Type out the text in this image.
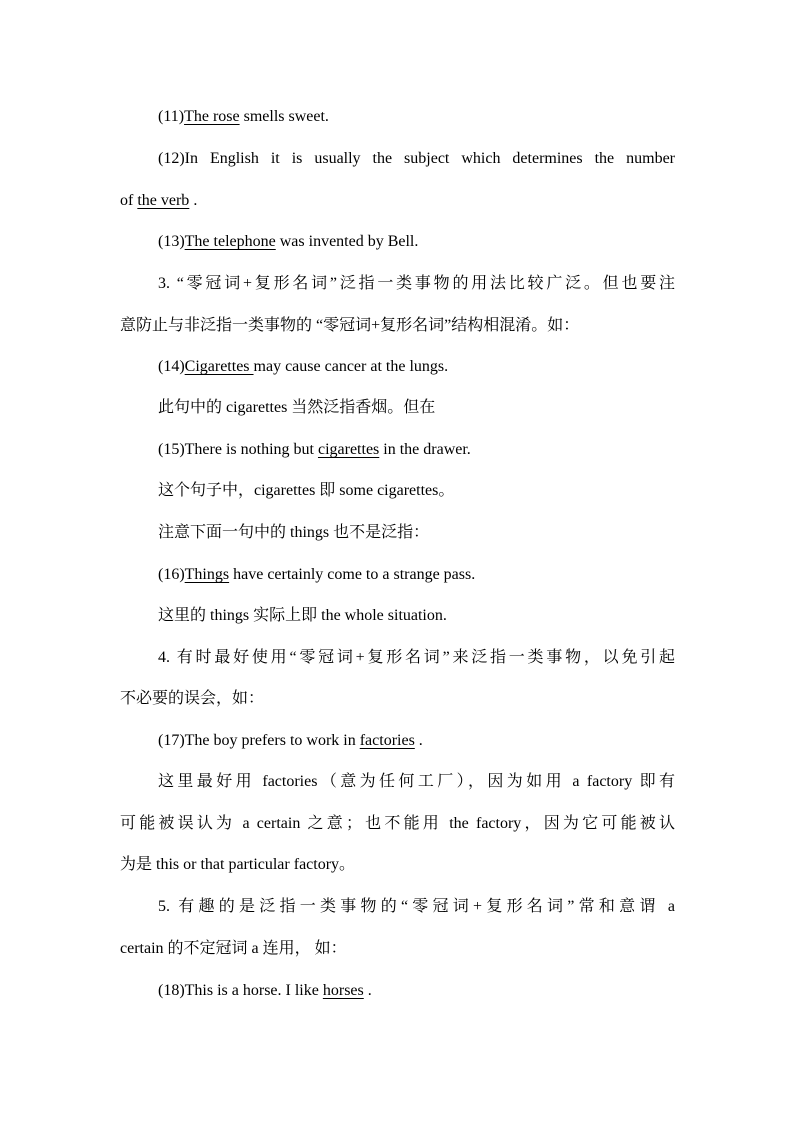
(11)The rose smells sweet.
(12)In English it is usually the subject which determines the number
of the verb .
(13)The telephone was invented by Bell.
3. “零冠词+复形名词”泛指一类事物的用法比较广泛。但也要注
意防止与非泛指一类事物的 “零冠词+复形名词”结构相混淆。如：
(14)Cigarettes may cause cancer at the lungs.
此句中的 cigarettes 当然泛指香烟。但在
(15)There is nothing but cigarettes in the drawer.
这个句子中，cigarettes 即 some cigarettes。
注意下面一句中的 things 也不是泛指：
(16)Things have certainly come to a strange pass.
这里的 things 实际上即 the whole situation.
4. 有时最好使用“零冠词+复形名词”来泛指一类事物，以免引起
不必要的误会，如：
(17)The boy prefers to work in factories .
这里最好用 factories（意为任何工厂），因为如用 a factory 即有
可能被误认为 a certain 之意；也不能用 the factory，因为它可能被认
为是 this or that particular factory。
5. 有趣的是泛指一类事物的“零冠词+复形名词”常和意谓 a
certain 的不定冠词 a 连用， 如：
(18)This is a horse. I like horses .
